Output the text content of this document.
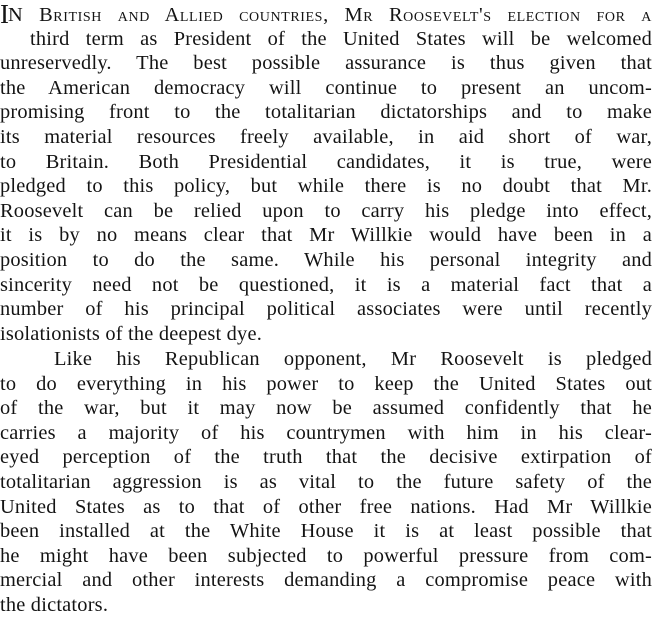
IN British and Allied countries, Mr Roosevelt's election for a
third term as President of the United States will be welcomed
unreservedly. The best possible assurance is thus given that
the American democracy will continue to present an uncom-
promising front to the totalitarian dictatorships and to make
its material resources freely available, in aid short of war,
to Britain. Both Presidential candidates, it is true, were
pledged to this policy, but while there is no doubt that Mr.
Roosevelt can be relied upon to carry his pledge into effect,
it is by no means clear that Mr Willkie would have been in a
position to do the same. While his personal integrity and
sincerity need not be questioned, it is a material fact that a
number of his principal political associates were until recently
isolationists of the deepest dye.
Like his Republican opponent, Mr Roosevelt is pledged
to do everything in his power to keep the United States out
of the war, but it may now be assumed confidently that he
carries a majority of his countrymen with him in his clear-
eyed perception of the truth that the decisive extirpation of
totalitarian aggression is as vital to the future safety of the
United States as to that of other free nations. Had Mr Willkie
been installed at the White House it is at least possible that
he might have been subjected to powerful pressure from com-
mercial and other interests demanding a compromise peace with
the dictators.
